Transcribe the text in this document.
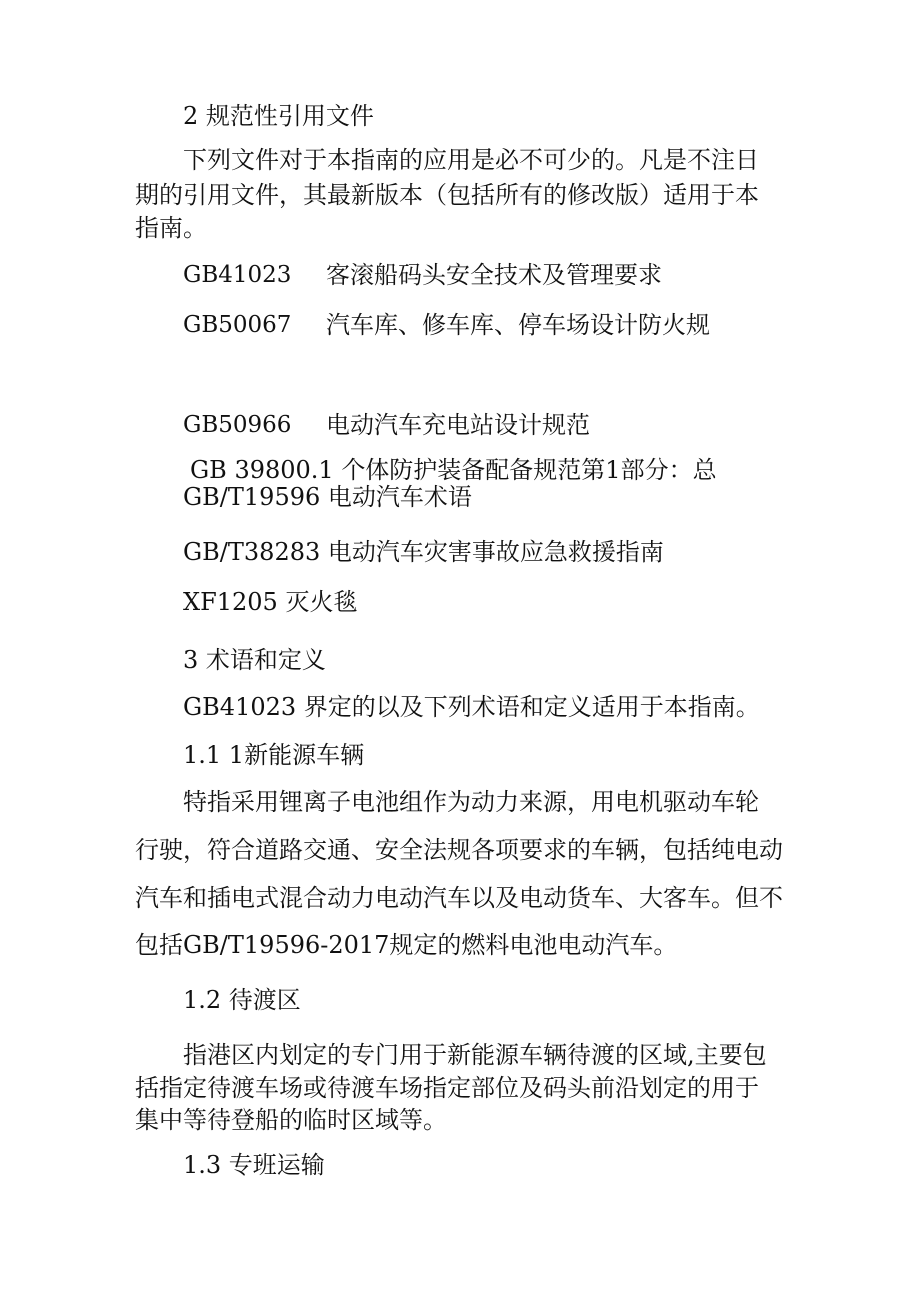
2 规范性引用文件
下列文件对于本指南的应用是必不可少的。凡是不注日
期的引用文件，其最新版本（包括所有的修改版）适用于本
指南。
GB41023 客滚船码头安全技术及管理要求
GB50067 汽车库、修车库、停车场设计防火规
GB50966 电动汽车充电站设计规范
GB 39800.1 个体防护装备配备规范第1部分：总
GB/T19596 电动汽车术语
GB/T38283 电动汽车灾害事故应急救援指南
XF1205 灭火毯
3 术语和定义
GB41023 界定的以及下列术语和定义适用于本指南。
1.1 1新能源车辆
特指采用锂离子电池组作为动力来源，用电机驱动车轮
行驶，符合道路交通、安全法规各项要求的车辆，包括纯电动
汽车和插电式混合动力电动汽车以及电动货车、大客车。但不
包括GB/T19596-2017规定的燃料电池电动汽车。
1.2 待渡区
指港区内划定的专门用于新能源车辆待渡的区域,主要包
括指定待渡车场或待渡车场指定部位及码头前沿划定的用于
集中等待登船的临时区域等。
1.3 专班运输
